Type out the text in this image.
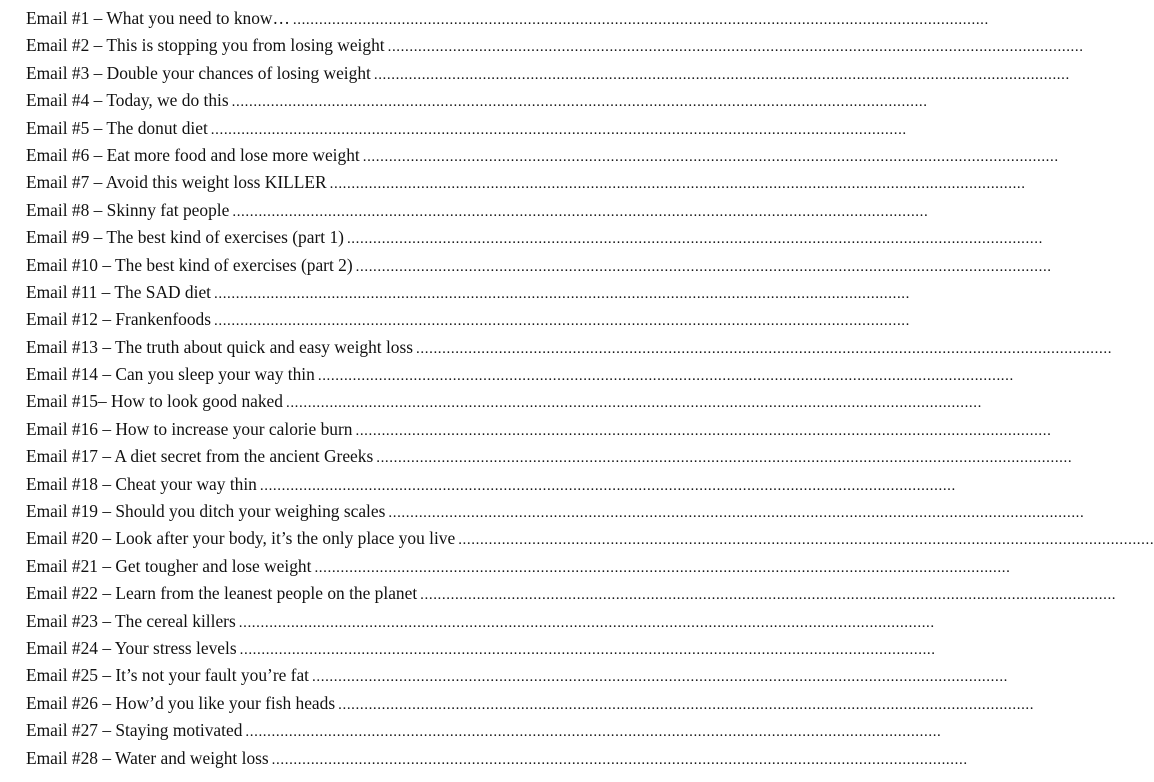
Email #1 – What you need to know… ................................................................................................................................................................
Email #2 – This is stopping you from losing weight ................................................................................................................................................................
Email #3 – Double your chances of losing weight ................................................................................................................................................................
Email #4 – Today, we do this ................................................................................................................................................................
Email #5 – The donut diet ................................................................................................................................................................
Email #6 – Eat more food and lose more weight ................................................................................................................................................................
Email #7 – Avoid this weight loss KILLER ................................................................................................................................................................
Email #8 – Skinny fat people ................................................................................................................................................................
Email #9 – The best kind of exercises (part 1) ................................................................................................................................................................
Email #10 – The best kind of exercises (part 2) ................................................................................................................................................................
Email #11 – The SAD diet ................................................................................................................................................................
Email #12 – Frankenfoods ................................................................................................................................................................
Email #13 – The truth about quick and easy weight loss ................................................................................................................................................................
Email #14 – Can you sleep your way thin ................................................................................................................................................................
Email #15– How to look good naked ................................................................................................................................................................
Email #16 – How to increase your calorie burn ................................................................................................................................................................
Email #17 – A diet secret from the ancient Greeks ................................................................................................................................................................
Email #18 – Cheat your way thin ................................................................................................................................................................
Email #19 – Should you ditch your weighing scales ................................................................................................................................................................
Email #20 – Look after your body, it’s the only place you live ................................................................................................................................................................
Email #21 – Get tougher and lose weight ................................................................................................................................................................
Email #22 – Learn from the leanest people on the planet ................................................................................................................................................................
Email #23 – The cereal killers ................................................................................................................................................................
Email #24 – Your stress levels ................................................................................................................................................................
Email #25 – It’s not your fault you’re fat ................................................................................................................................................................
Email #26 – How’d you like your fish heads ................................................................................................................................................................
Email #27 – Staying motivated ................................................................................................................................................................
Email #28 – Water and weight loss ................................................................................................................................................................
